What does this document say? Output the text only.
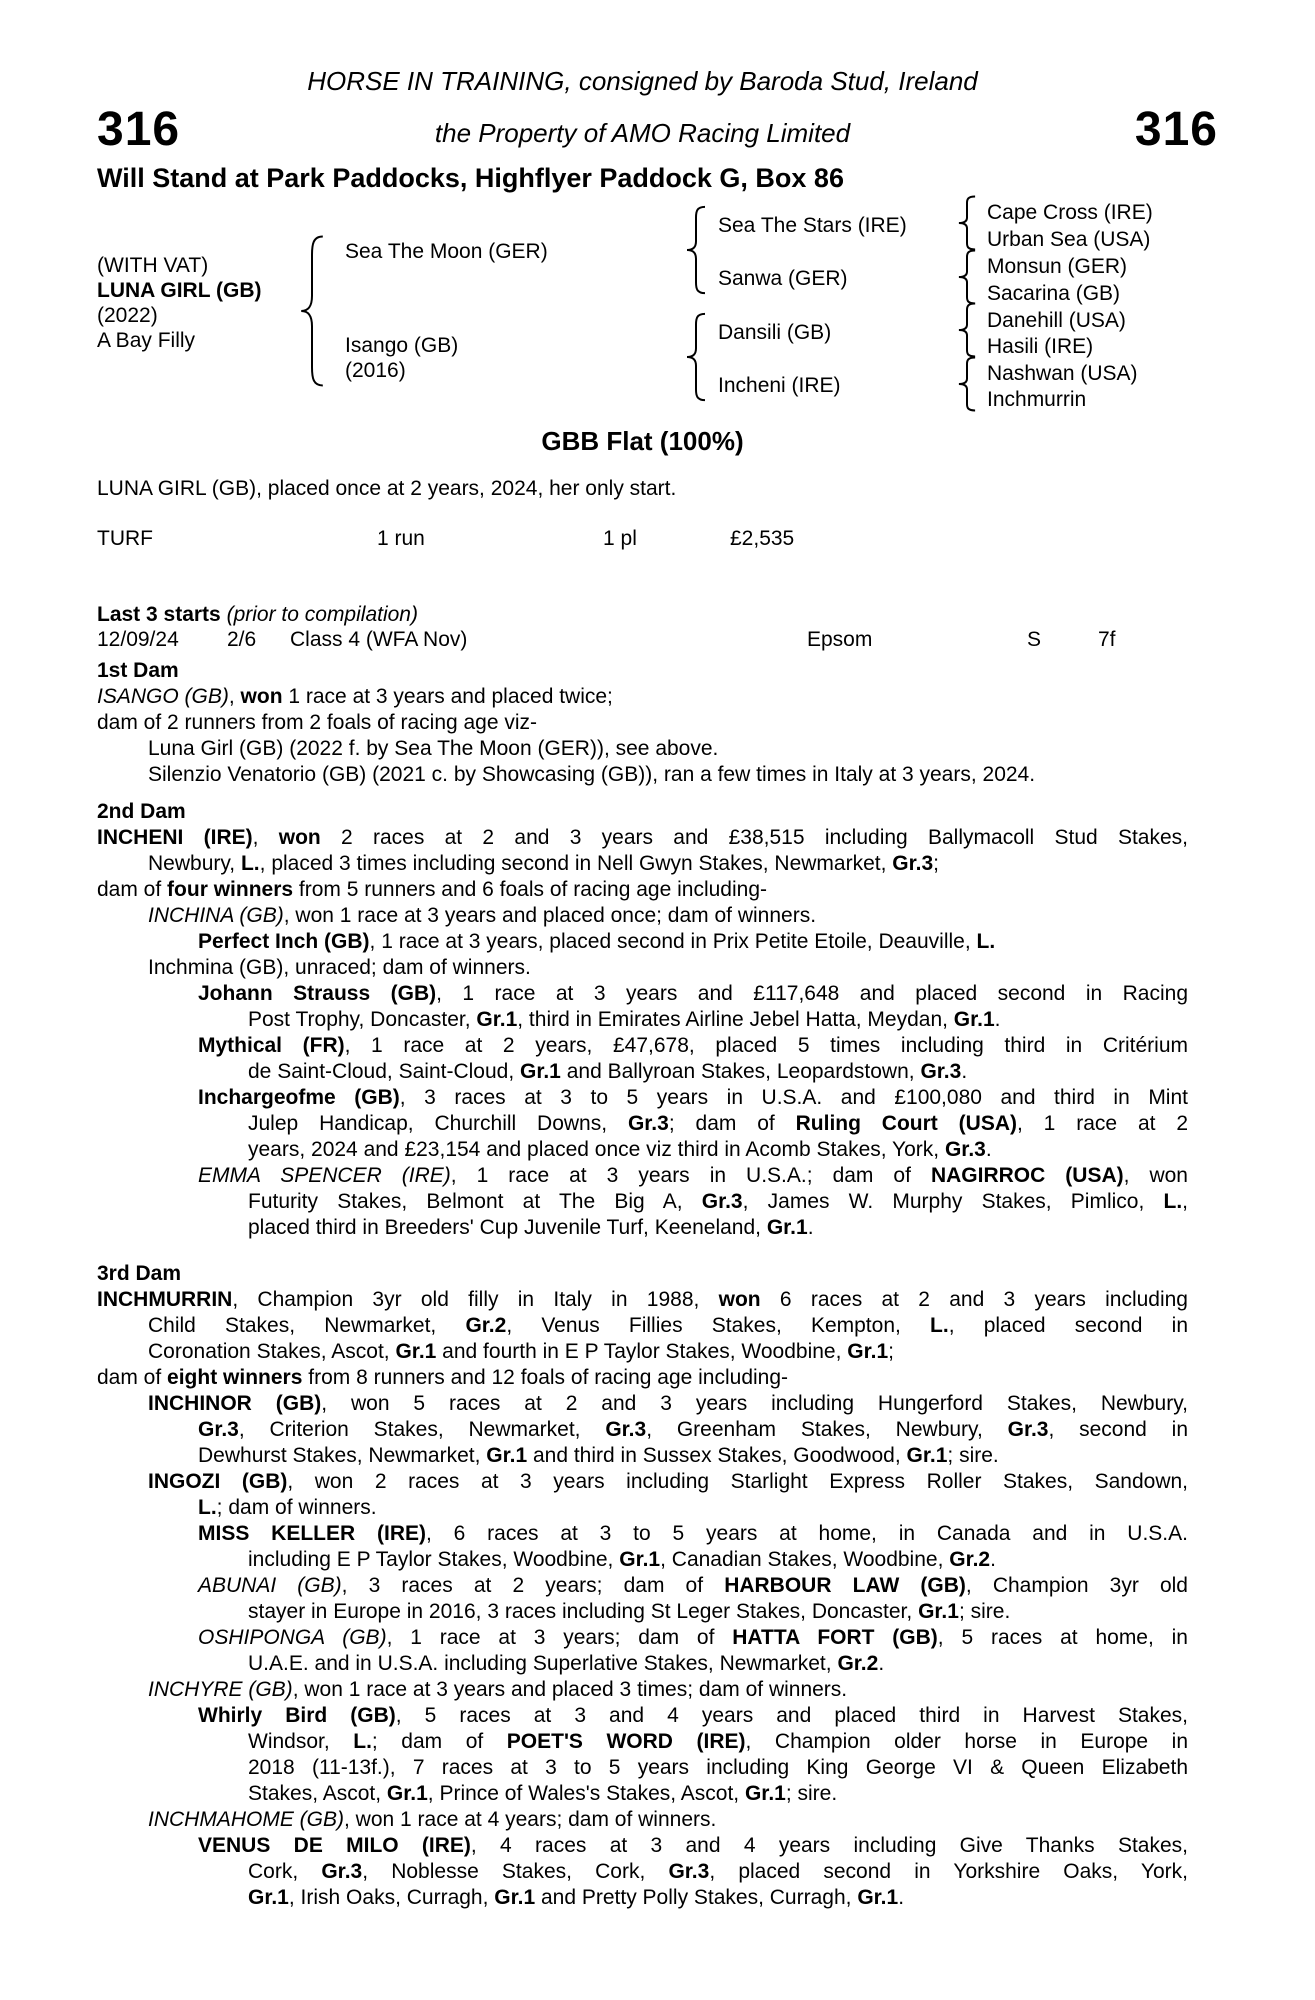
HORSE IN TRAINING, consigned by Baroda Stud, Ireland
316	the Property of AMO Racing Limited	316
Will Stand at Park Paddocks, Highflyer Paddock G, Box 86
(WITH VAT)
LUNA GIRL (GB)
(2022)
A Bay Filly
Sea The Moon (GER)
Isango (GB)
(2016)
Sea The Stars (IRE)
Sanwa (GER)
Dansili (GB)
Incheni (IRE)
Cape Cross (IRE)
Urban Sea (USA)
Monsun (GER)
Sacarina (GB)
Danehill (USA)
Hasili (IRE)
Nashwan (USA)
Inchmurrin
GBB Flat (100%)
LUNA GIRL (GB), placed once at 2 years, 2024, her only start.
TURF	1 run	1 pl	£2,535
Last 3 starts (prior to compilation)
12/09/24 2/6 Class 4 (WFA Nov)	Epsom	S	7f
1st Dam
ISANGO (GB), won 1 race at 3 years and placed twice;
dam of 2 runners from 2 foals of racing age viz-
Luna Girl (GB) (2022 f. by Sea The Moon (GER)), see above.
Silenzio Venatorio (GB) (2021 c. by Showcasing (GB)), ran a few times in Italy at 3 years, 2024.
2nd Dam
INCHENI (IRE), won 2 races at 2 and 3 years and £38,515 including Ballymacoll Stud Stakes,
Newbury, L., placed 3 times including second in Nell Gwyn Stakes, Newmarket, Gr.3;
dam of four winners from 5 runners and 6 foals of racing age including-
INCHINA (GB), won 1 race at 3 years and placed once; dam of winners.
Perfect Inch (GB), 1 race at 3 years, placed second in Prix Petite Etoile, Deauville, L.
Inchmina (GB), unraced; dam of winners.
Johann Strauss (GB), 1 race at 3 years and £117,648 and placed second in Racing
Post Trophy, Doncaster, Gr.1, third in Emirates Airline Jebel Hatta, Meydan, Gr.1.
Mythical (FR), 1 race at 2 years, £47,678, placed 5 times including third in Critérium
de Saint-Cloud, Saint-Cloud, Gr.1 and Ballyroan Stakes, Leopardstown, Gr.3.
Inchargeofme (GB), 3 races at 3 to 5 years in U.S.A. and £100,080 and third in Mint
Julep Handicap, Churchill Downs, Gr.3; dam of Ruling Court (USA), 1 race at 2
years, 2024 and £23,154 and placed once viz third in Acomb Stakes, York, Gr.3.
EMMA SPENCER (IRE), 1 race at 3 years in U.S.A.; dam of NAGIRROC (USA), won
Futurity Stakes, Belmont at The Big A, Gr.3, James W. Murphy Stakes, Pimlico, L.,
placed third in Breeders' Cup Juvenile Turf, Keeneland, Gr.1.
3rd Dam
INCHMURRIN, Champion 3yr old filly in Italy in 1988, won 6 races at 2 and 3 years including
Child Stakes, Newmarket, Gr.2, Venus Fillies Stakes, Kempton, L., placed second in
Coronation Stakes, Ascot, Gr.1 and fourth in E P Taylor Stakes, Woodbine, Gr.1;
dam of eight winners from 8 runners and 12 foals of racing age including-
INCHINOR (GB), won 5 races at 2 and 3 years including Hungerford Stakes, Newbury,
Gr.3, Criterion Stakes, Newmarket, Gr.3, Greenham Stakes, Newbury, Gr.3, second in
Dewhurst Stakes, Newmarket, Gr.1 and third in Sussex Stakes, Goodwood, Gr.1; sire.
INGOZI (GB), won 2 races at 3 years including Starlight Express Roller Stakes, Sandown,
L.; dam of winners.
MISS KELLER (IRE), 6 races at 3 to 5 years at home, in Canada and in U.S.A.
including E P Taylor Stakes, Woodbine, Gr.1, Canadian Stakes, Woodbine, Gr.2.
ABUNAI (GB), 3 races at 2 years; dam of HARBOUR LAW (GB), Champion 3yr old
stayer in Europe in 2016, 3 races including St Leger Stakes, Doncaster, Gr.1; sire.
OSHIPONGA (GB), 1 race at 3 years; dam of HATTA FORT (GB), 5 races at home, in
U.A.E. and in U.S.A. including Superlative Stakes, Newmarket, Gr.2.
INCHYRE (GB), won 1 race at 3 years and placed 3 times; dam of winners.
Whirly Bird (GB), 5 races at 3 and 4 years and placed third in Harvest Stakes,
Windsor, L.; dam of POET'S WORD (IRE), Champion older horse in Europe in
2018 (11-13f.), 7 races at 3 to 5 years including King George VI & Queen Elizabeth
Stakes, Ascot, Gr.1, Prince of Wales's Stakes, Ascot, Gr.1; sire.
INCHMAHOME (GB), won 1 race at 4 years; dam of winners.
VENUS DE MILO (IRE), 4 races at 3 and 4 years including Give Thanks Stakes,
Cork, Gr.3, Noblesse Stakes, Cork, Gr.3, placed second in Yorkshire Oaks, York,
Gr.1, Irish Oaks, Curragh, Gr.1 and Pretty Polly Stakes, Curragh, Gr.1.
